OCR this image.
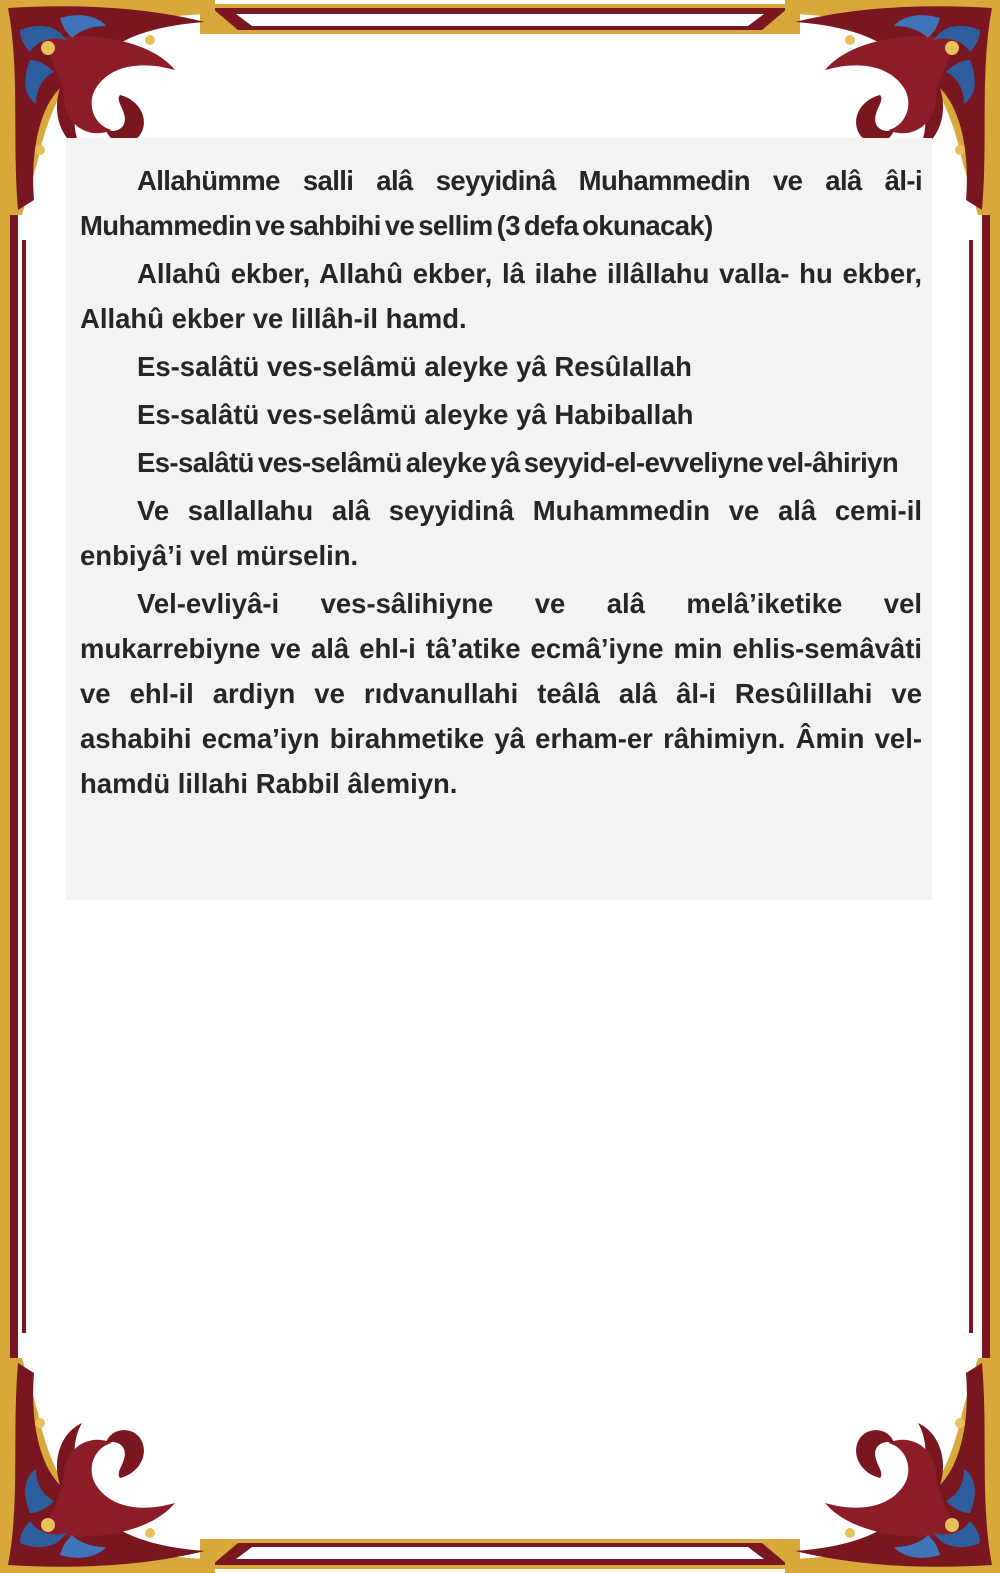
Allahümme salli alâ seyyidinâ Muhammedin ve alâ âl-i Muhammedin ve sahbihi ve sellim (3 defa okunacak)

Allahû ekber, Allahû ekber, lâ ilahe illâllahu valla- hu ekber, Allahû ekber ve lillâh-il hamd.

Es-salâtü ves-selâmü aleyke yâ Resûlallah

Es-salâtü ves-selâmü aleyke yâ Habiballah

Es-salâtü ves-selâmü aleyke yâ seyyid-el-evveliyne vel-âhiriyn

Ve sallallahu alâ seyyidinâ Muhammedin ve alâ cemi-il enbiyâ’i vel mürselin.

Vel-evliyâ-i ves-sâlihiyne ve alâ melâ’iketike vel mukarrebiyne ve alâ ehl-i tâ’atike ecmâ’iyne min ehlis-semâvâti ve ehl-il ardiyn ve rıdvanullahi teâlâ alâ âl-i Resûlillahi ve ashabihi ecma’iyn birahmetike yâ erham-er râhimiyn. Âmin vel-hamdü lillahi Rabbil âlemiyn.
